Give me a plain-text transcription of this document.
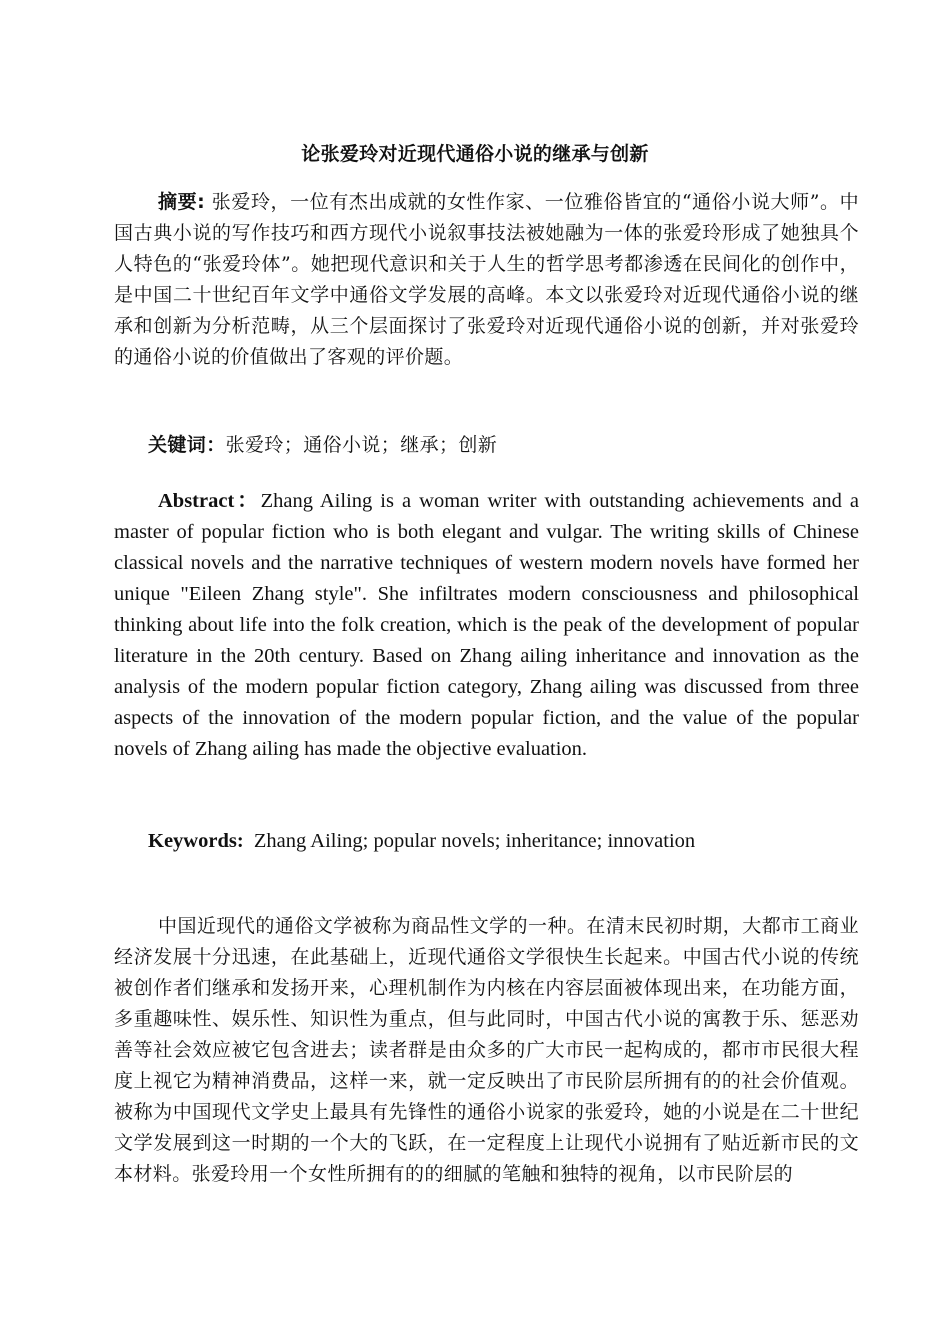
论张爱玲对近现代通俗小说的继承与创新
摘要: 张爱玲，一位有杰出成就的女性作家、一位雅俗皆宜的“通俗小说大师”。中国古典小说的写作技巧和西方现代小说叙事技法被她融为一体的张爱玲形成了她独具个人特色的“张爱玲体”。她把现代意识和关于人生的哲学思考都渗透在民间化的创作中，是中国二十世纪百年文学中通俗文学发展的高峰。本文以张爱玲对近现代通俗小说的继承和创新为分析范畴，从三个层面探讨了张爱玲对近现代通俗小说的创新，并对张爱玲的通俗小说的价值做出了客观的评价题。
关键词：张爱玲；通俗小说；继承；创新
Abstract：Zhang Ailing is a woman writer with outstanding achievements and a master of popular fiction who is both elegant and vulgar. The writing skills of Chinese classical novels and the narrative techniques of western modern novels have formed her unique "Eileen Zhang style". She infiltrates modern consciousness and philosophical thinking about life into the folk creation, which is the peak of the development of popular literature in the 20th century. Based on Zhang ailing inheritance and innovation as the analysis of the modern popular fiction category, Zhang ailing was discussed from three aspects of the innovation of the modern popular fiction, and the value of the popular novels of Zhang ailing has made the objective evaluation.
Keywords:  Zhang Ailing; popular novels; inheritance; innovation
中国近现代的通俗文学被称为商品性文学的一种。在清末民初时期，大都市工商业经济发展十分迅速，在此基础上，近现代通俗文学很快生长起来。中国古代小说的传统被创作者们继承和发扬开来，心理机制作为内核在内容层面被体现出来，在功能方面，多重趣味性、娱乐性、知识性为重点，但与此同时，中国古代小说的寓教于乐、惩恶劝善等社会效应被它包含进去；读者群是由众多的广大市民一起构成的，都市市民很大程度上视它为精神消费品，这样一来，就一定反映出了市民阶层所拥有的的社会价值观。被称为中国现代文学史上最具有先锋性的通俗小说家的张爱玲，她的小说是在二十世纪文学发展到这一时期的一个大的飞跃，在一定程度上让现代小说拥有了贴近新市民的文本材料。张爱玲用一个女性所拥有的的细腻的笔触和独特的视角，以市民阶层的
